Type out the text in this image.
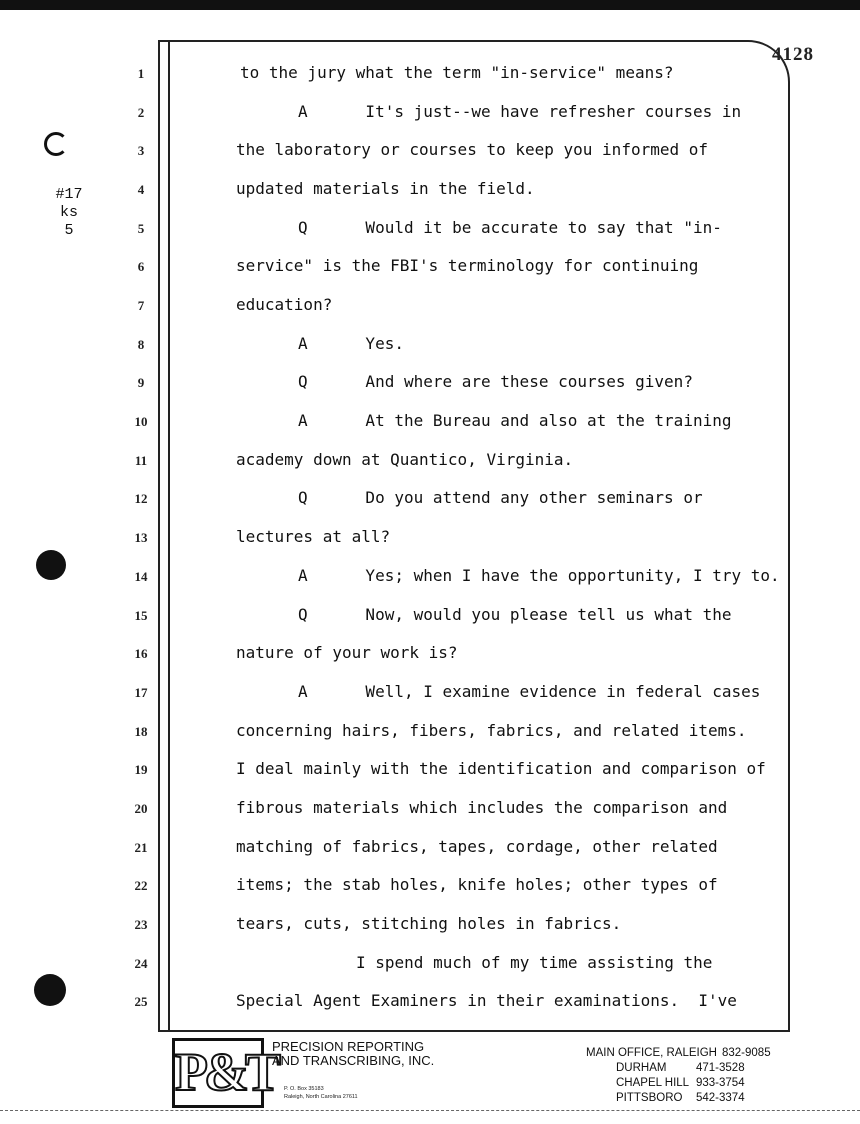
#17
ks
5
4128
1	to the jury what the term "in-service" means?
2	A      It's just--we have refresher courses in
3	the laboratory or courses to keep you informed of
4	updated materials in the field.
5	Q      Would it be accurate to say that "in-
6	service" is the FBI's terminology for continuing
7	education?
8	A      Yes.
9	Q      And where are these courses given?
10	A      At the Bureau and also at the training
11	academy down at Quantico, Virginia.
12	Q      Do you attend any other seminars or
13	lectures at all?
14	A      Yes; when I have the opportunity, I try to.
15	Q      Now, would you please tell us what the
16	nature of your work is?
17	A      Well, I examine evidence in federal cases
18	concerning hairs, fibers, fabrics, and related items.
19	I deal mainly with the identification and comparison of
20	fibrous materials which includes the comparison and
21	matching of fabrics, tapes, cordage, other related
22	items; the stab holes, knife holes; other types of
23	tears, cuts, stitching holes in fabrics.
24	I spend much of my time assisting the
25	Special Agent Examiners in their examinations.  I've
P&T
PRECISION REPORTING
AND TRANSCRIBING, INC.
P. O. Box 35183
Raleigh, North Carolina 27611
MAIN OFFICE, RALEIGH 832-9085
DURHAM	471-3528
CHAPEL HILL 933-3754
PITTSBORO 542-3374
